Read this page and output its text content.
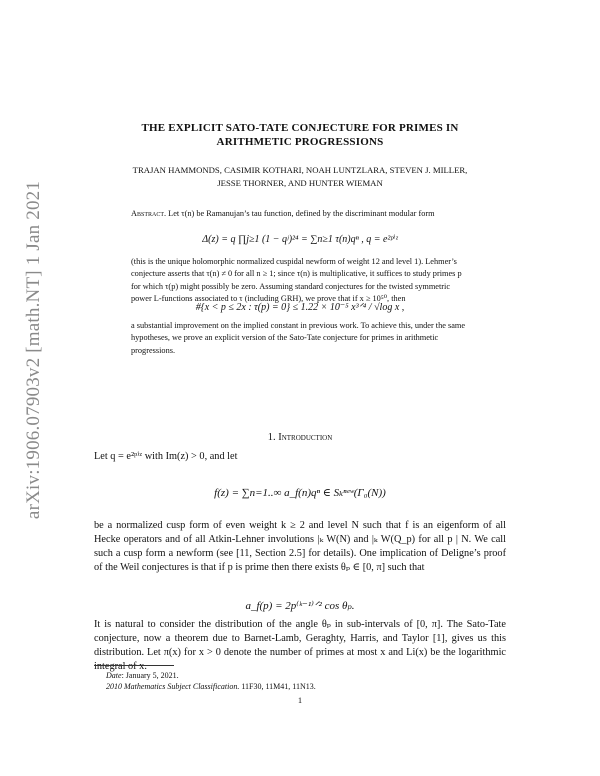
arXiv:1906.07903v2 [math.NT] 1 Jan 2021
THE EXPLICIT SATO-TATE CONJECTURE FOR PRIMES IN
ARITHMETIC PROGRESSIONS
TRAJAN HAMMONDS, CASIMIR KOTHARI, NOAH LUNTZLARA, STEVEN J. MILLER,
JESSE THORNER, AND HUNTER WIEMAN
Abstract. Let τ(n) be Ramanujan’s tau function, defined by the discriminant modular form
Δ(z) = q ∏j≥1 (1 − qʲ)²⁴ = ∑n≥1 τ(n)qⁿ , q = e²ᵖⁱᶻ
(this is the unique holomorphic normalized cuspidal newform of weight 12 and level 1). Lehmer’s conjecture asserts that τ(n) ≠ 0 for all n ≥ 1; since τ(n) is multiplicative, it suffices to study primes p for which τ(p) might possibly be zero. Assuming standard conjectures for the twisted symmetric power L-functions associated to τ (including GRH), we prove that if x ≥ 10⁵⁰, then
#{x < p ≤ 2x : τ(p) = 0} ≤ 1.22 × 10⁻⁵ x³ᐟ⁴ / √log x ,
a substantial improvement on the implied constant in previous work. To achieve this, under the same hypotheses, we prove an explicit version of the Sato-Tate conjecture for primes in arithmetic progressions.
1. Introduction
Let q = e²ᵖⁱᶻ with Im(z) > 0, and let
f(z) = ∑n=1..∞ a_f(n)qⁿ ∈ Sₖⁿᵉʷ(Γ₀(N))
be a normalized cusp form of even weight k ≥ 2 and level N such that f is an eigenform of all Hecke operators and of all Atkin-Lehner involutions |ₖ W(N) and |ₖ W(Q_p) for all p | N. We call such a cusp form a newform (see [11, Section 2.5] for details). One implication of Deligne’s proof of the Weil conjectures is that if p is prime then there exists θₚ ∈ [0, π] such that
a_f(p) = 2p⁽ᵏ⁻¹⁾ᐟ² cos θₚ.
It is natural to consider the distribution of the angle θₚ in sub-intervals of [0, π]. The Sato-Tate conjecture, now a theorem due to Barnet-Lamb, Geraghty, Harris, and Taylor [1], gives us this distribution. Let π(x) for x > 0 denote the number of primes at most x and Li(x) be the logarithmic integral of x.
Date: January 5, 2021.
2010 Mathematics Subject Classification. 11F30, 11M41, 11N13.
1
